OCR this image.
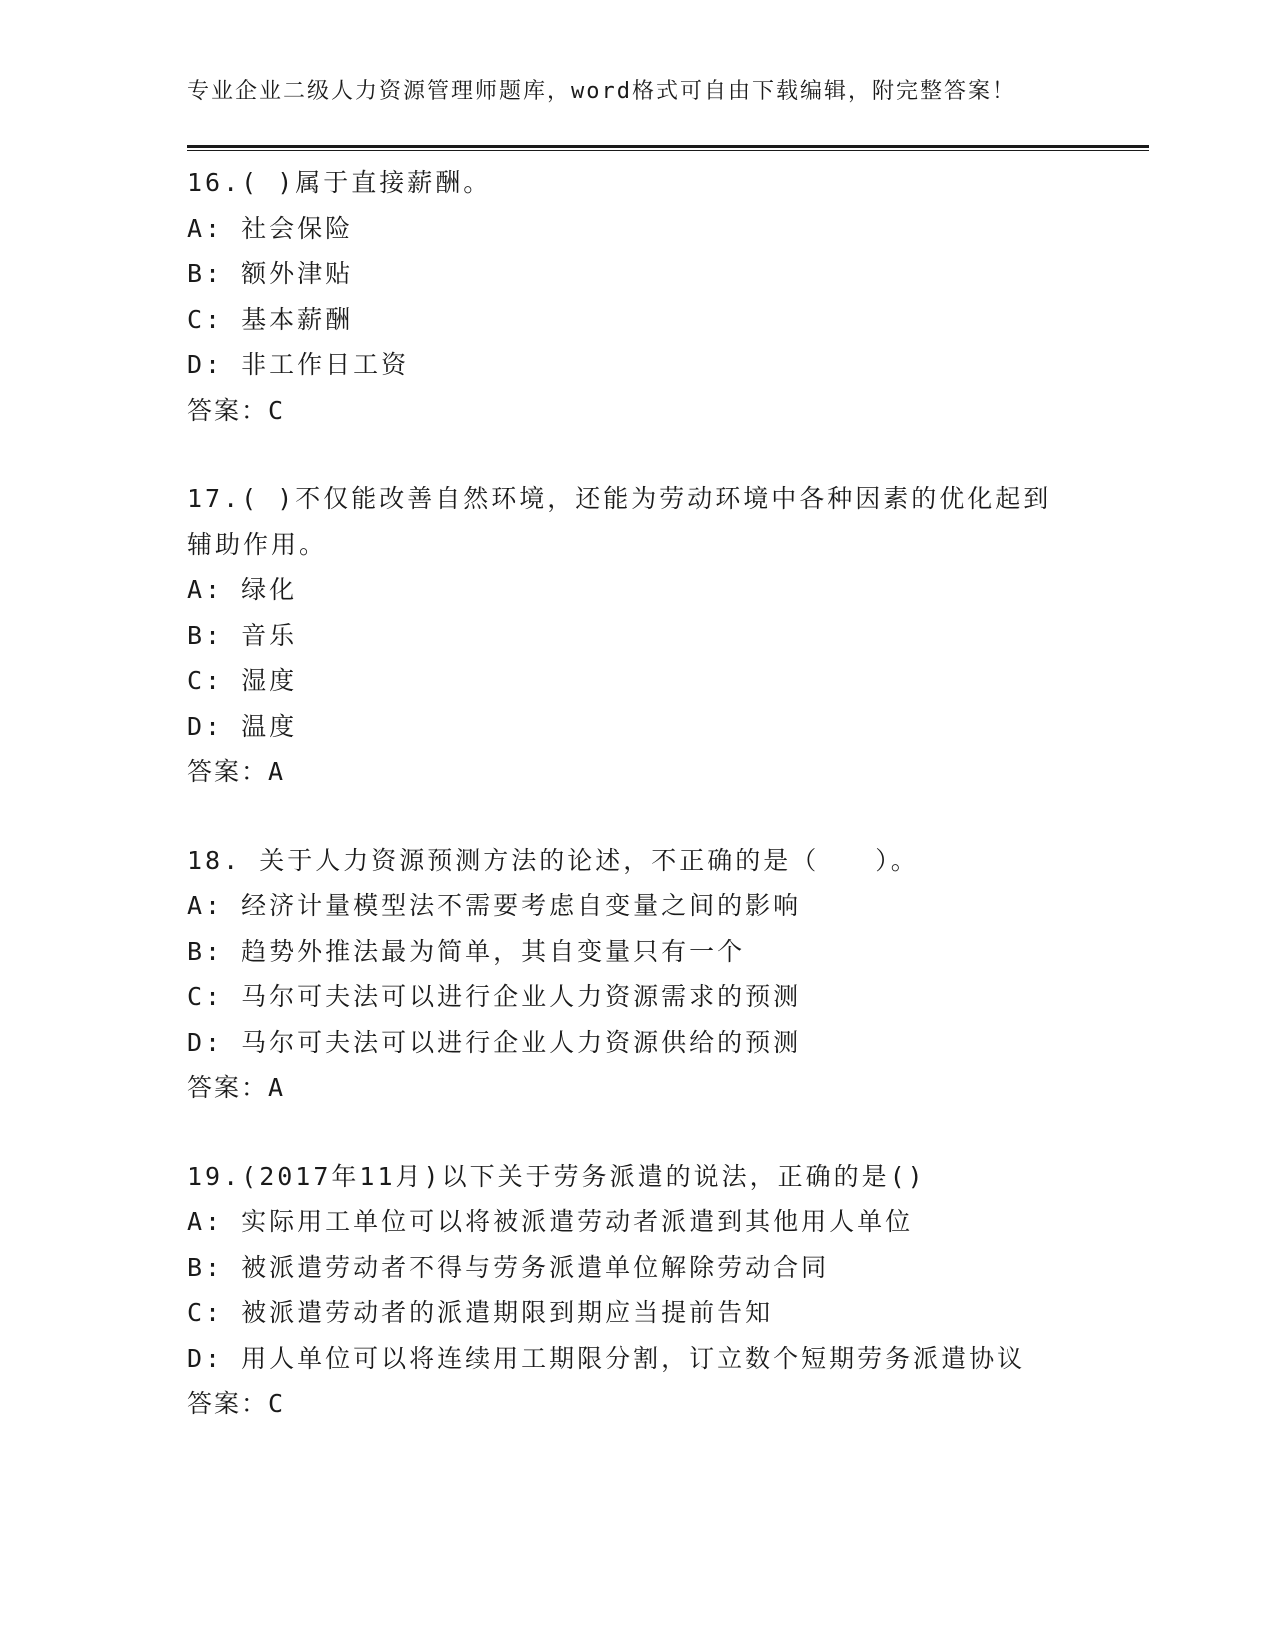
专业企业二级人力资源管理师题库，word格式可自由下载编辑，附完整答案！
16.( )属于直接薪酬。
A: 社会保险
B: 额外津贴
C: 基本薪酬
D: 非工作日工资
答案：C
17.( )不仅能改善自然环境，还能为劳动环境中各种因素的优化起到
辅助作用。
A: 绿化
B: 音乐
C: 湿度
D: 温度
答案：A
18. 关于人力资源预测方法的论述，不正确的是（　　）。
A: 经济计量模型法不需要考虑自变量之间的影响
B: 趋势外推法最为简单，其自变量只有一个
C: 马尔可夫法可以进行企业人力资源需求的预测
D: 马尔可夫法可以进行企业人力资源供给的预测
答案：A
19.(2017年11月)以下关于劳务派遣的说法，正确的是()
A: 实际用工单位可以将被派遣劳动者派遣到其他用人单位
B: 被派遣劳动者不得与劳务派遣单位解除劳动合同
C: 被派遣劳动者的派遣期限到期应当提前告知
D: 用人单位可以将连续用工期限分割，订立数个短期劳务派遣协议
答案：C
